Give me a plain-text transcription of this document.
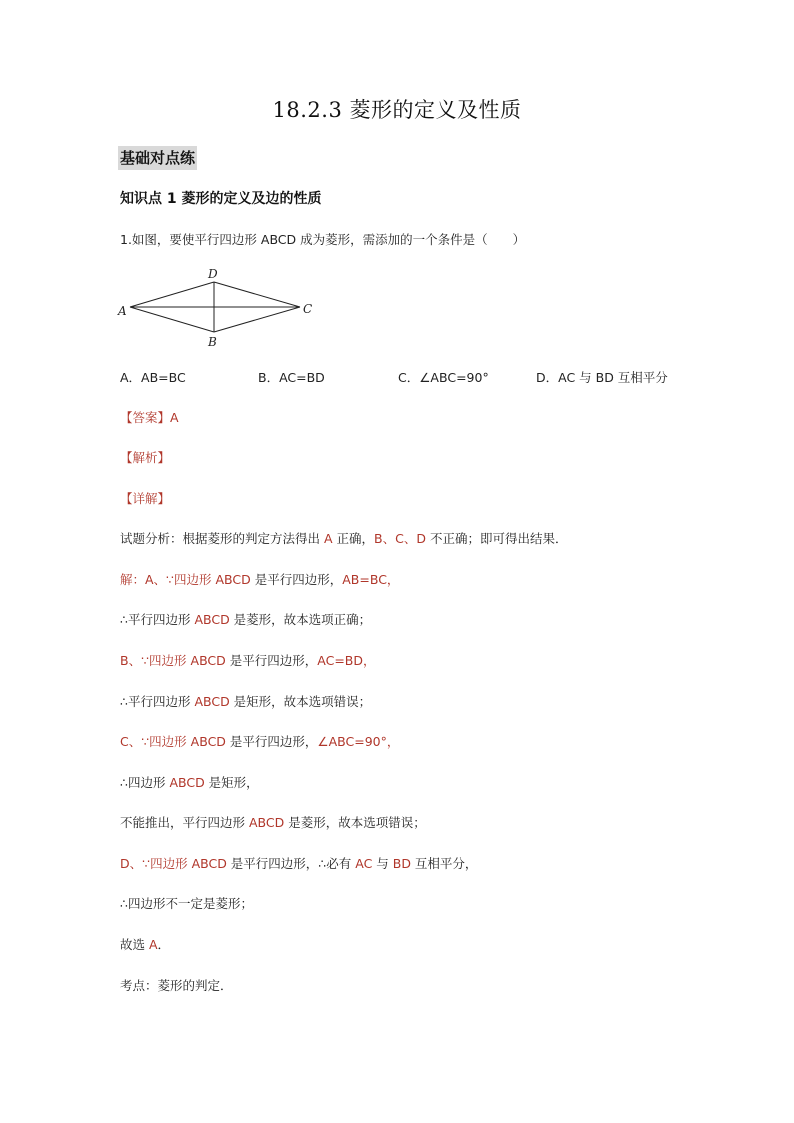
18.2.3 菱形的定义及性质
基础对点练
知识点 1 菱形的定义及边的性质
1.如图，要使平行四边形 ABCD 成为菱形，需添加的一个条件是（　　）
A
D
C
B
A．AB=BC	B．AC=BD	C．∠ABC=90°	D．AC 与 BD 互相平分
【答案】A
【解析】
【详解】
试题分析：根据菱形的判定方法得出 A 正确，B、C、D 不正确；即可得出结果．
解：A、∵四边形 ABCD 是平行四边形，AB=BC，
∴平行四边形 ABCD 是菱形，故本选项正确；
B、∵四边形 ABCD 是平行四边形，AC=BD，
∴平行四边形 ABCD 是矩形，故本选项错误；
C、∵四边形 ABCD 是平行四边形，∠ABC=90°，
∴四边形 ABCD 是矩形，
不能推出，平行四边形 ABCD 是菱形，故本选项错误；
D、∵四边形 ABCD 是平行四边形，∴必有 AC 与 BD 互相平分，
∴四边形不一定是菱形；
故选 A．
考点：菱形的判定．
